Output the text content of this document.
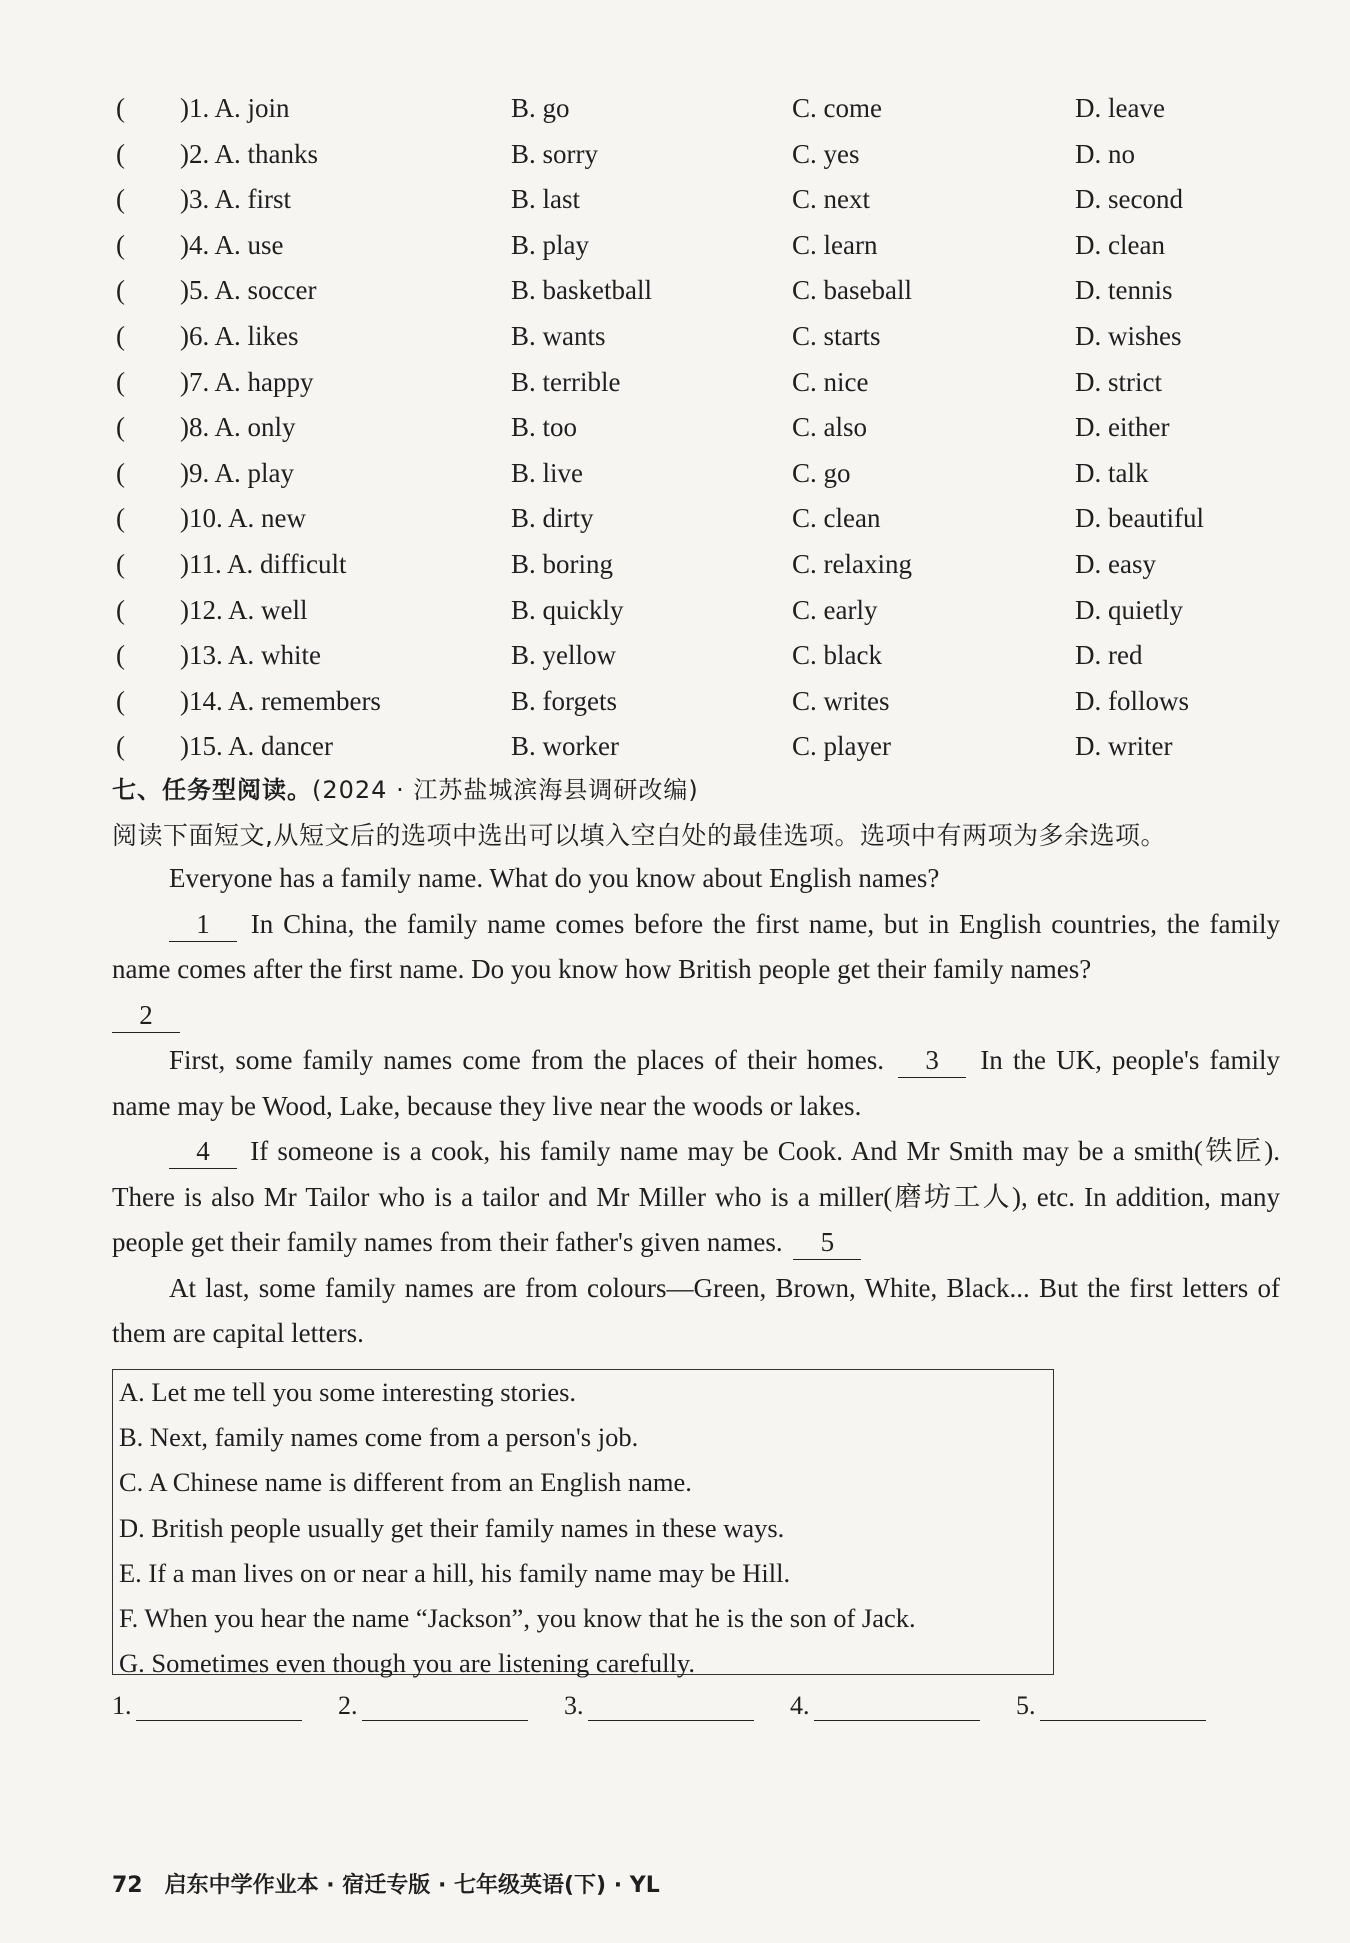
( )1. A. join	B. go	C. come	D. leave
( )2. A. thanks	B. sorry	C. yes	D. no
( )3. A. first	B. last	C. next	D. second
( )4. A. use	B. play	C. learn	D. clean
( )5. A. soccer	B. basketball	C. baseball	D. tennis
( )6. A. likes	B. wants	C. starts	D. wishes
( )7. A. happy	B. terrible	C. nice	D. strict
( )8. A. only	B. too	C. also	D. either
( )9. A. play	B. live	C. go	D. talk
( )10. A. new	B. dirty	C. clean	D. beautiful
( )11. A. difficult	B. boring	C. relaxing	D. easy
( )12. A. well	B. quickly	C. early	D. quietly
( )13. A. white	B. yellow	C. black	D. red
( )14. A. remembers	B. forgets	C. writes	D. follows
( )15. A. dancer	B. worker	C. player	D. writer
七、任务型阅读。(2024 · 江苏盐城滨海县调研改编)
阅读下面短文,从短文后的选项中选出可以填入空白处的最佳选项。选项中有两项为多余选项。

Everyone has a family name. What do you know about English names?

1 In China, the family name comes before the first name, but in English countries, the family name comes after the first name. Do you know how British people get their family names?

2

First, some family names come from the places of their homes. 3 In the UK, people's family name may be Wood, Lake, because they live near the woods or lakes.

4 If someone is a cook, his family name may be Cook. And Mr Smith may be a smith(铁匠). There is also Mr Tailor who is a tailor and Mr Miller who is a miller(磨坊工人), etc. In addition, many people get their family names from their father's given names. 5

At last, some family names are from colours—Green, Brown, White, Black... But the first letters of them are capital letters.

A. Let me tell you some interesting stories.
B. Next, family names come from a person's job.
C. A Chinese name is different from an English name.
D. British people usually get their family names in these ways.
E. If a man lives on or near a hill, his family name may be Hill.
F. When you hear the name “Jackson”, you know that he is the son of Jack.
G. Sometimes even though you are listening carefully.
1.	2.	3.	4.	5.
72 启东中学作业本 · 宿迁专版 · 七年级英语(下) · YL
